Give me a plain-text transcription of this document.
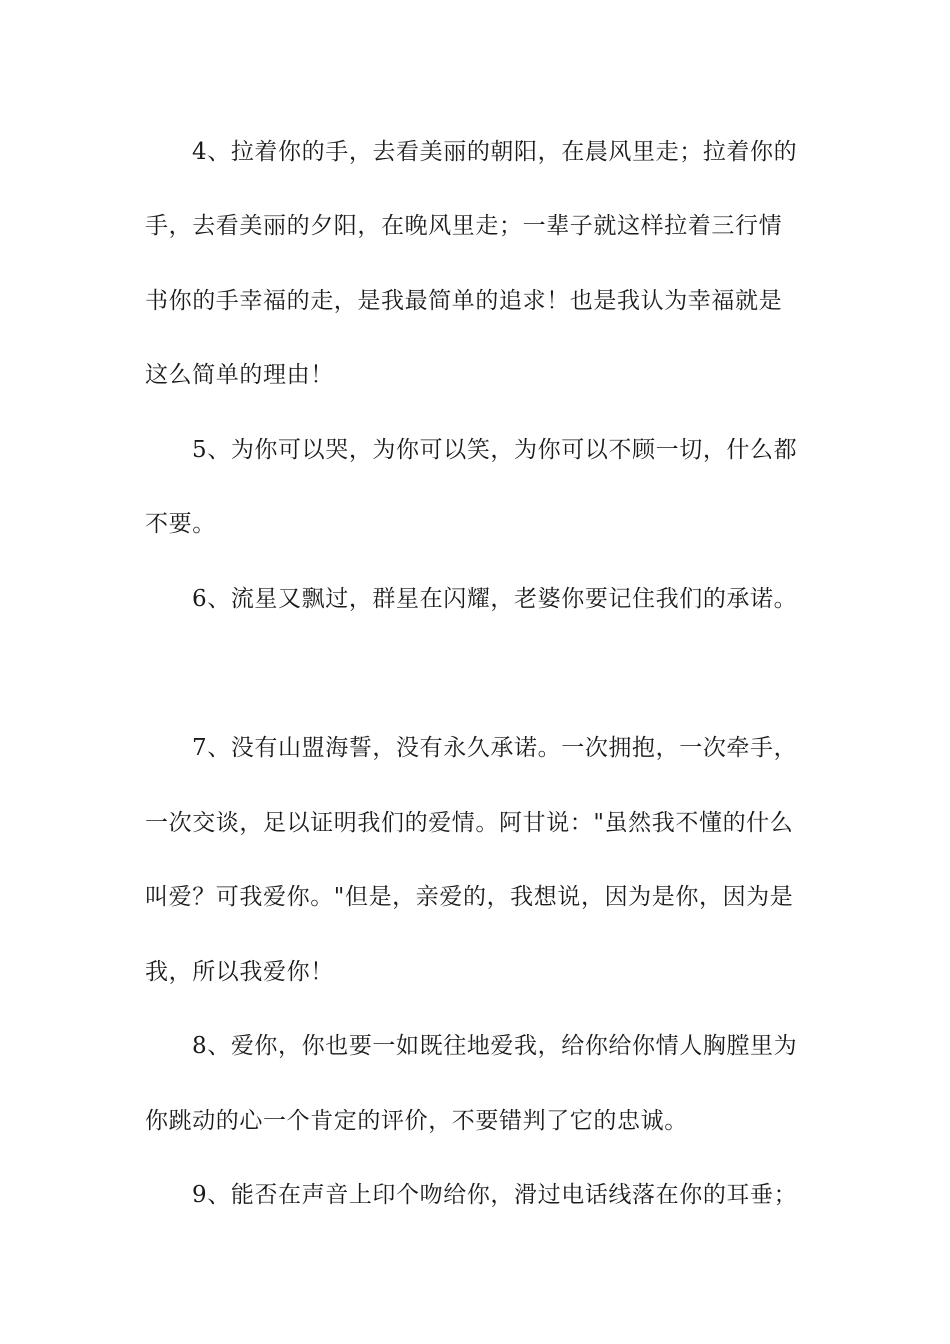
4、拉着你的手，去看美丽的朝阳，在晨风里走；拉着你的
手，去看美丽的夕阳，在晚风里走；一辈子就这样拉着三行情
书你的手幸福的走，是我最简单的追求！也是我认为幸福就是
这么简单的理由！
5、为你可以哭，为你可以笑，为你可以不顾一切，什么都
不要。
6、流星又飘过，群星在闪耀，老婆你要记住我们的承诺。
7、没有山盟海誓，没有永久承诺。一次拥抱，一次牵手，
一次交谈，足以证明我们的爱情。阿甘说："虽然我不懂的什么
叫爱？可我爱你。"但是，亲爱的，我想说，因为是你，因为是
我，所以我爱你！
8、爱你，你也要一如既往地爱我，给你给你情人胸膛里为
你跳动的心一个肯定的评价，不要错判了它的忠诚。
9、能否在声音上印个吻给你，滑过电话线落在你的耳垂；
